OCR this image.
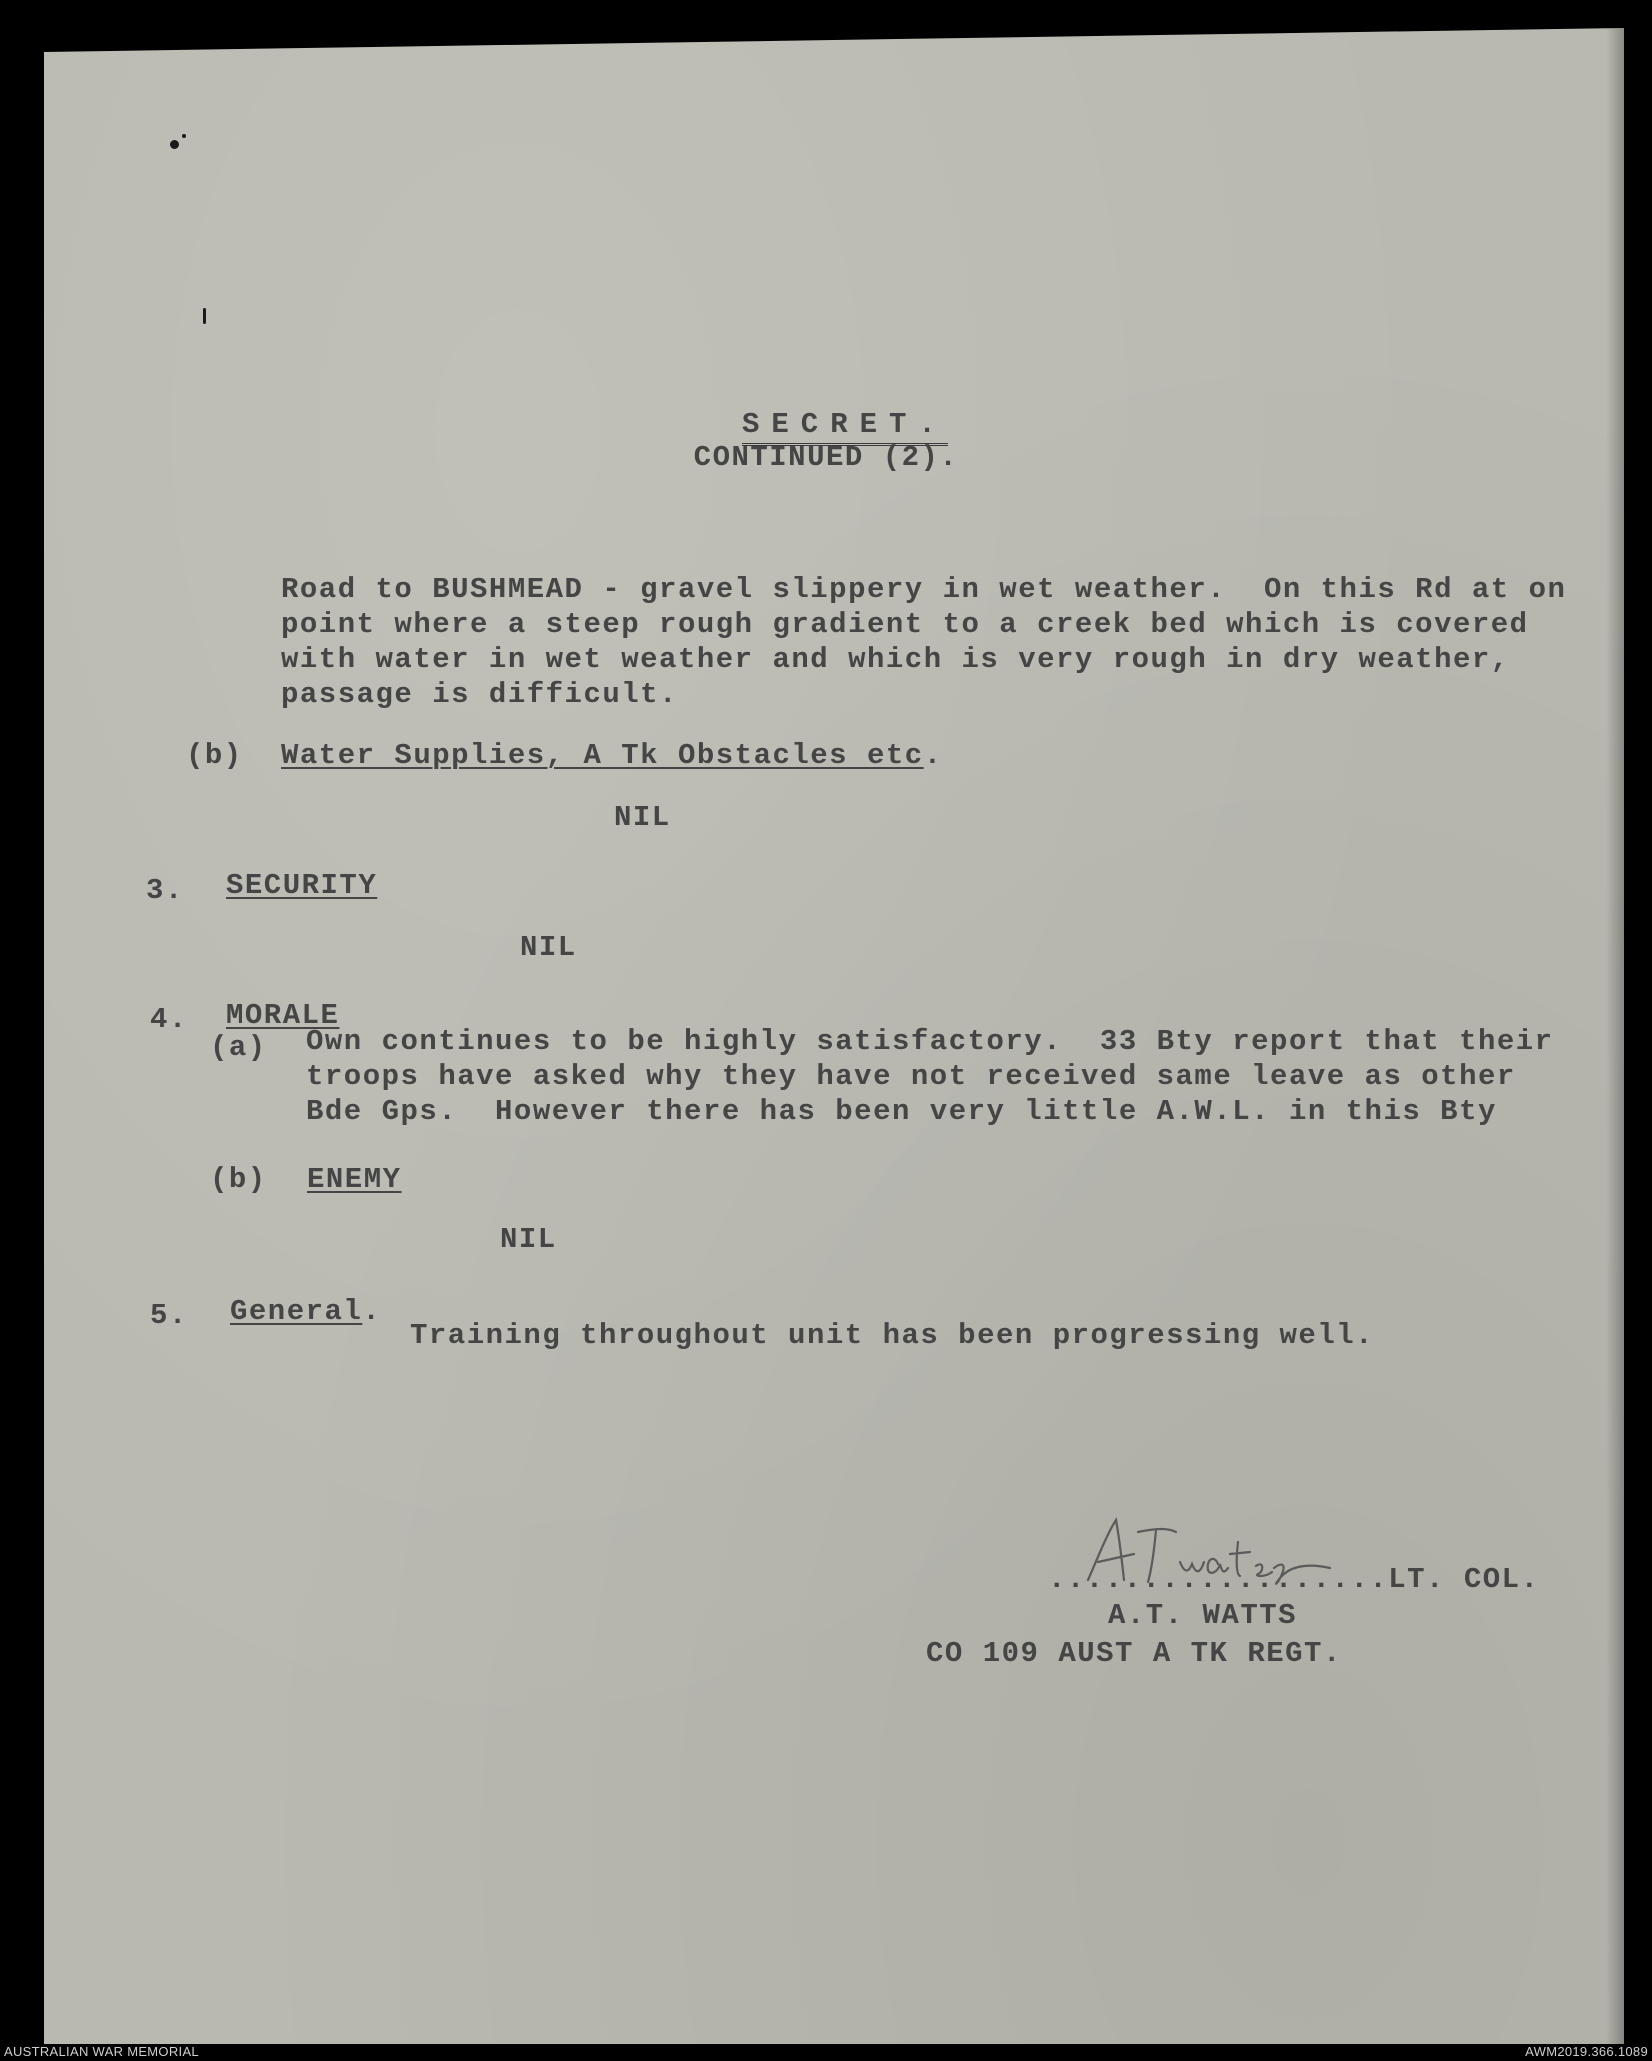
SECRET.

CONTINUED (2).
Road to BUSHMEAD - gravel slippery in wet weather.  On this Rd at on
point where a steep rough gradient to a creek bed which is covered
with water in wet weather and which is very rough in dry weather,
passage is difficult.
(b) Water Supplies, A Tk Obstacles etc.
NIL
3. SECURITY
NIL
4. MORALE
(a) Own continues to be highly satisfactory.  33 Bty report that their
troops have asked why they have not received same leave as other
Bde Gps.  However there has been very little A.W.L. in this Bty
(b) ENEMY
NIL
5. General.
Training throughout unit has been progressing well.
..................LT. COL.
A.T. WATTS
CO 109 AUST A TK REGT.
AUSTRALIAN WAR MEMORIAL	AWM2019.366.1089
